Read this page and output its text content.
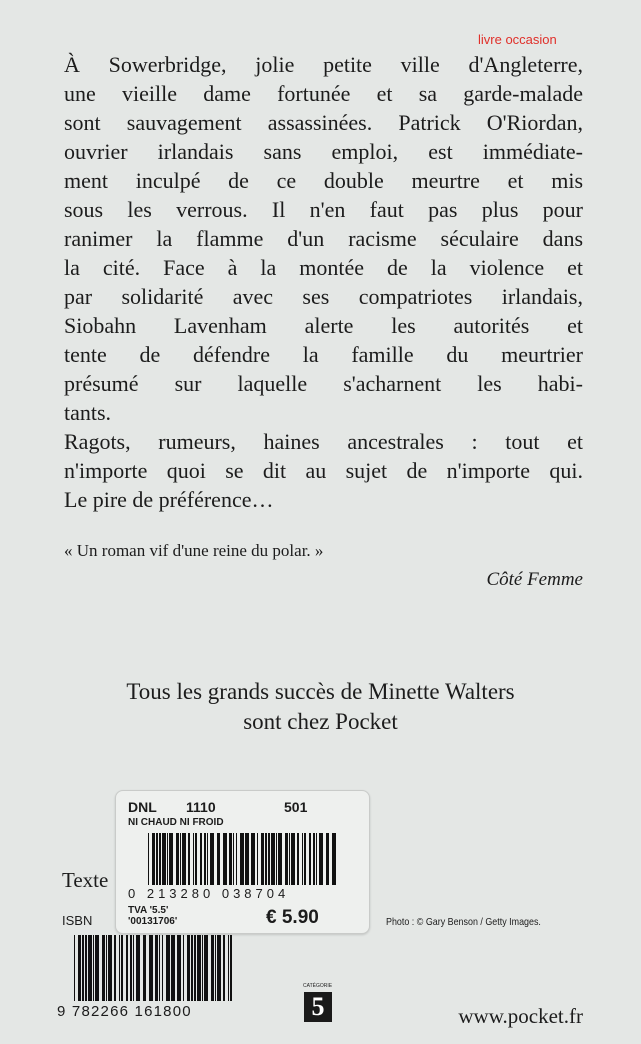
À Sowerbridge, jolie petite ville d'Angleterre,
une vieille dame fortunée et sa garde-malade
sont sauvagement assassinées. Patrick O'Riordan,
ouvrier irlandais sans emploi, est immédiate-
ment inculpé de ce double meurtre et mis
sous les verrous. Il n'en faut pas plus pour
ranimer la flamme d'un racisme séculaire dans
la cité. Face à la montée de la violence et
par solidarité avec ses compatriotes irlandais,
Siobahn Lavenham alerte les autorités et
tente de défendre la famille du meurtrier
présumé sur laquelle s'acharnent les habi-
tants.
Ragots, rumeurs, haines ancestrales : tout et
n'importe quoi se dit au sujet de n'importe qui.
Le pire de préférence…
livre occasion
« Un roman vif d'une reine du polar. »
Côté Femme
Tous les grands succès de Minette Walters
sont chez Pocket
Texte
ISBN
DNL 1110	501
NI CHAUD NI FROID
0 213280 038704
TVA '5.5'
'00131706'	€ 5.90	Photo : © Gary Benson / Getty Images.
9 782266 161800
CATÉGORIE
5	www.pocket.fr
